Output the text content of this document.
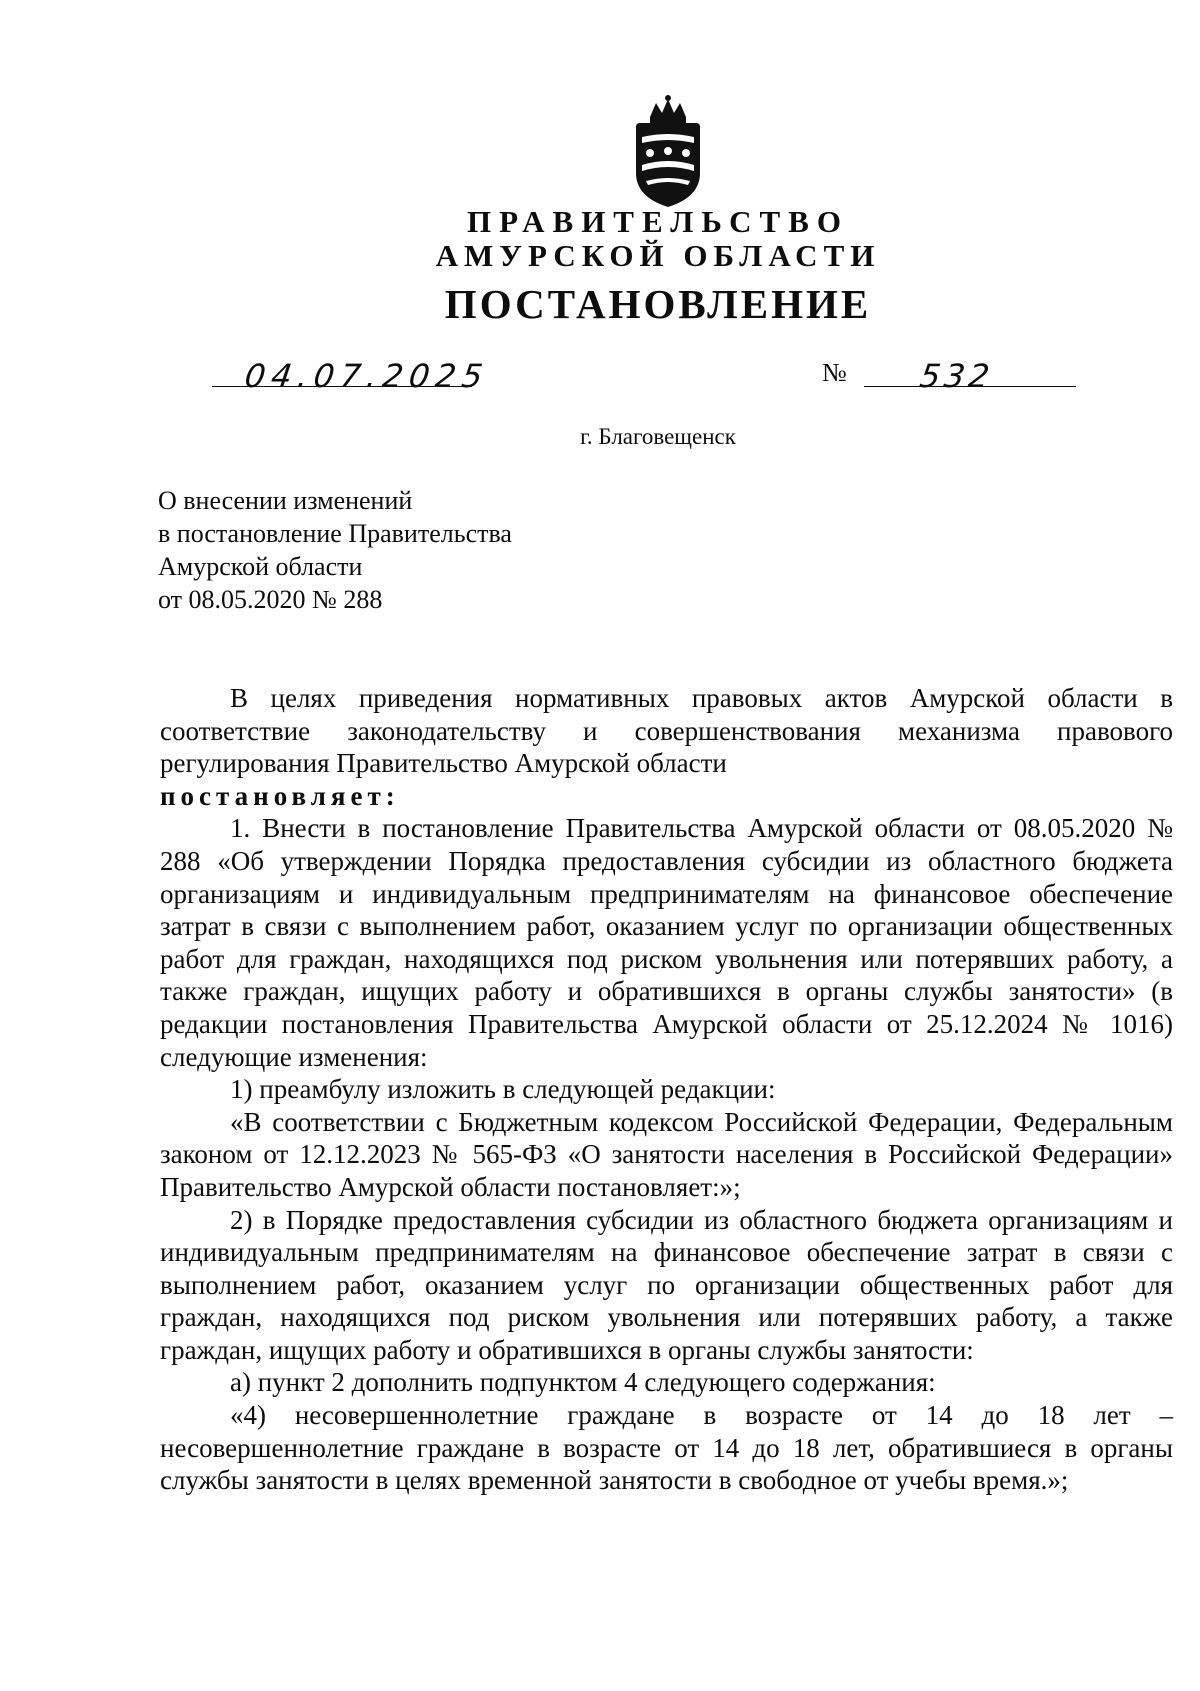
ПРАВИТЕЛЬСТВО
АМУРСКОЙ ОБЛАСТИ
ПОСТАНОВЛЕНИЕ
04.07.2025	№ 532
г. Благовещенск
О внесении изменений
в постановление Правительства
Амурской области
от 08.05.2020 № 288

В целях приведения нормативных правовых актов Амурской области в соответствие законодательству и совершенствования механизма правового регулирования Правительство Амурской области

постановляет:

1. Внести в постановление Правительства Амурской области от 08.05.2020 № 288 «Об утверждении Порядка предоставления субсидии из областного бюджета организациям и индивидуальным предпринимателям на финансовое обеспечение затрат в связи с выполнением работ, оказанием услуг по организации общественных работ для граждан, находящихся под риском увольнения или потерявших работу, а также граждан, ищущих работу и обратившихся в органы службы занятости» (в редакции постановления Правительства Амурской области от 25.12.2024 № 1016) следующие изменения:

1) преамбулу изложить в следующей редакции:

«В соответствии с Бюджетным кодексом Российской Федерации, Федеральным законом от 12.12.2023 № 565-ФЗ «О занятости населения в Российской Федерации» Правительство Амурской области постановляет:»;

2) в Порядке предоставления субсидии из областного бюджета организациям и индивидуальным предпринимателям на финансовое обеспечение затрат в связи с выполнением работ, оказанием услуг по организации общественных работ для граждан, находящихся под риском увольнения или потерявших работу, а также граждан, ищущих работу и обратившихся в органы службы занятости:

а) пункт 2 дополнить подпунктом 4 следующего содержания:

«4) несовершеннолетние граждане в возрасте от 14 до 18 лет – несовершеннолетние граждане в возрасте от 14 до 18 лет, обратившиеся в органы службы занятости в целях временной занятости в свободное от учебы время.»;
